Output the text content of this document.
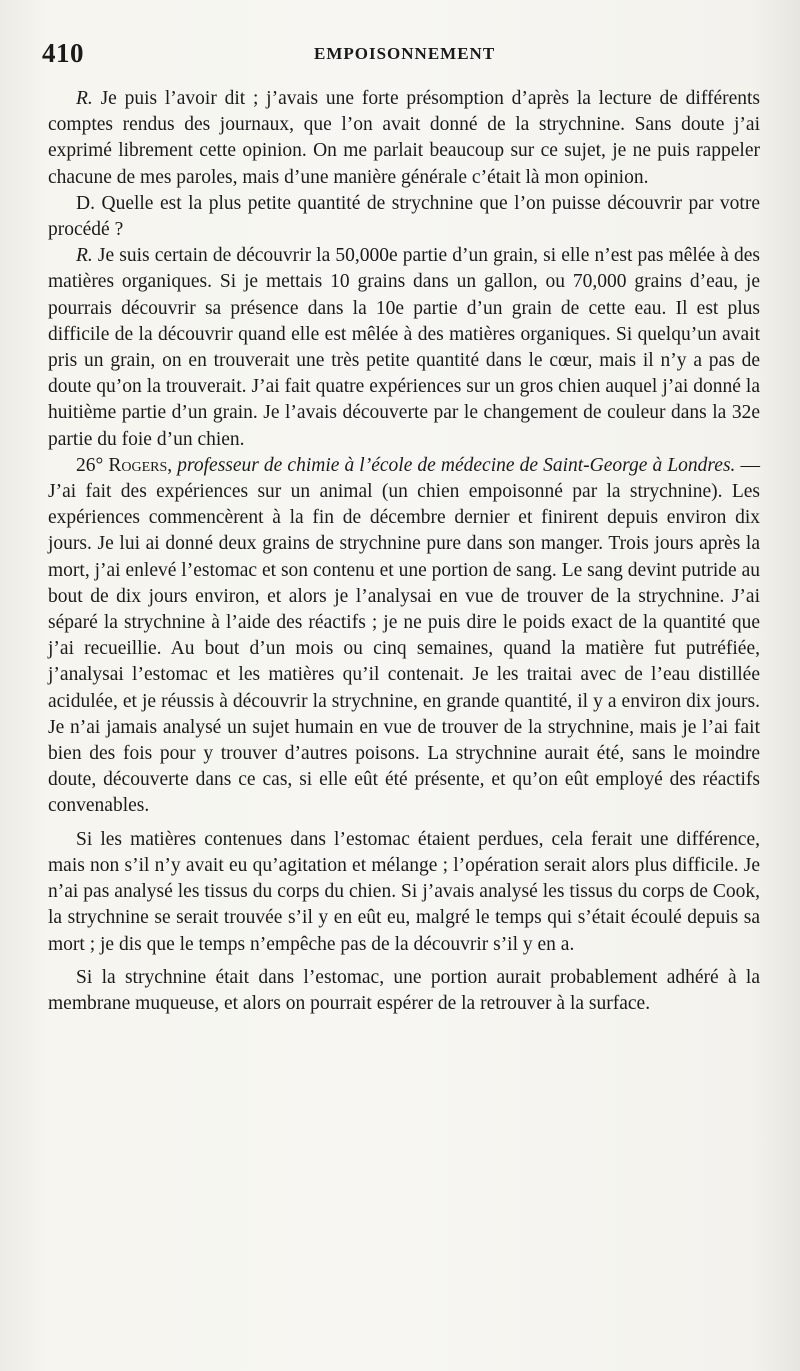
410	EMPOISONNEMENT

R. Je puis l’avoir dit ; j’avais une forte présomption d’après la lecture de différents comptes rendus des journaux, que l’on avait donné de la strychnine. Sans doute j’ai exprimé librement cette opinion. On me parlait beaucoup sur ce sujet, je ne puis rappeler chacune de mes paroles, mais d’une manière générale c’était là mon opinion.

D. Quelle est la plus petite quantité de strychnine que l’on puisse découvrir par votre procédé ?

R. Je suis certain de découvrir la 50,000e partie d’un grain, si elle n’est pas mêlée à des matières organiques. Si je mettais 10 grains dans un gallon, ou 70,000 grains d’eau, je pourrais découvrir sa présence dans la 10e partie d’un grain de cette eau. Il est plus difficile de la découvrir quand elle est mêlée à des matières organiques. Si quelqu’un avait pris un grain, on en trouverait une très petite quantité dans le cœur, mais il n’y a pas de doute qu’on la trouverait. J’ai fait quatre expériences sur un gros chien auquel j’ai donné la huitième partie d’un grain. Je l’avais découverte par le changement de couleur dans la 32e partie du foie d’un chien.

26° Rogers, professeur de chimie à l’école de médecine de Saint-George à Londres. — J’ai fait des expériences sur un animal (un chien empoisonné par la strychnine). Les expériences commencèrent à la fin de décembre dernier et finirent depuis environ dix jours. Je lui ai donné deux grains de strychnine pure dans son manger. Trois jours après la mort, j’ai enlevé l’estomac et son contenu et une portion de sang. Le sang devint putride au bout de dix jours environ, et alors je l’analysai en vue de trouver de la strychnine. J’ai séparé la strychnine à l’aide des réactifs ; je ne puis dire le poids exact de la quantité que j’ai recueillie. Au bout d’un mois ou cinq semaines, quand la matière fut putréfiée, j’analysai l’estomac et les matières qu’il contenait. Je les traitai avec de l’eau distillée acidulée, et je réussis à découvrir la strychnine, en grande quantité, il y a environ dix jours. Je n’ai jamais analysé un sujet humain en vue de trouver de la strychnine, mais je l’ai fait bien des fois pour y trouver d’autres poisons. La strychnine aurait été, sans le moindre doute, découverte dans ce cas, si elle eût été présente, et qu’on eût employé des réactifs convenables.

Si les matières contenues dans l’estomac étaient perdues, cela ferait une différence, mais non s’il n’y avait eu qu’agitation et mélange ; l’opération serait alors plus difficile. Je n’ai pas analysé les tissus du corps du chien. Si j’avais analysé les tissus du corps de Cook, la strychnine se serait trouvée s’il y en eût eu, malgré le temps qui s’était écoulé depuis sa mort ; je dis que le temps n’empêche pas de la découvrir s’il y en a.

Si la strychnine était dans l’estomac, une portion aurait probablement adhéré à la membrane muqueuse, et alors on pourrait espérer de la retrouver à la surface.
